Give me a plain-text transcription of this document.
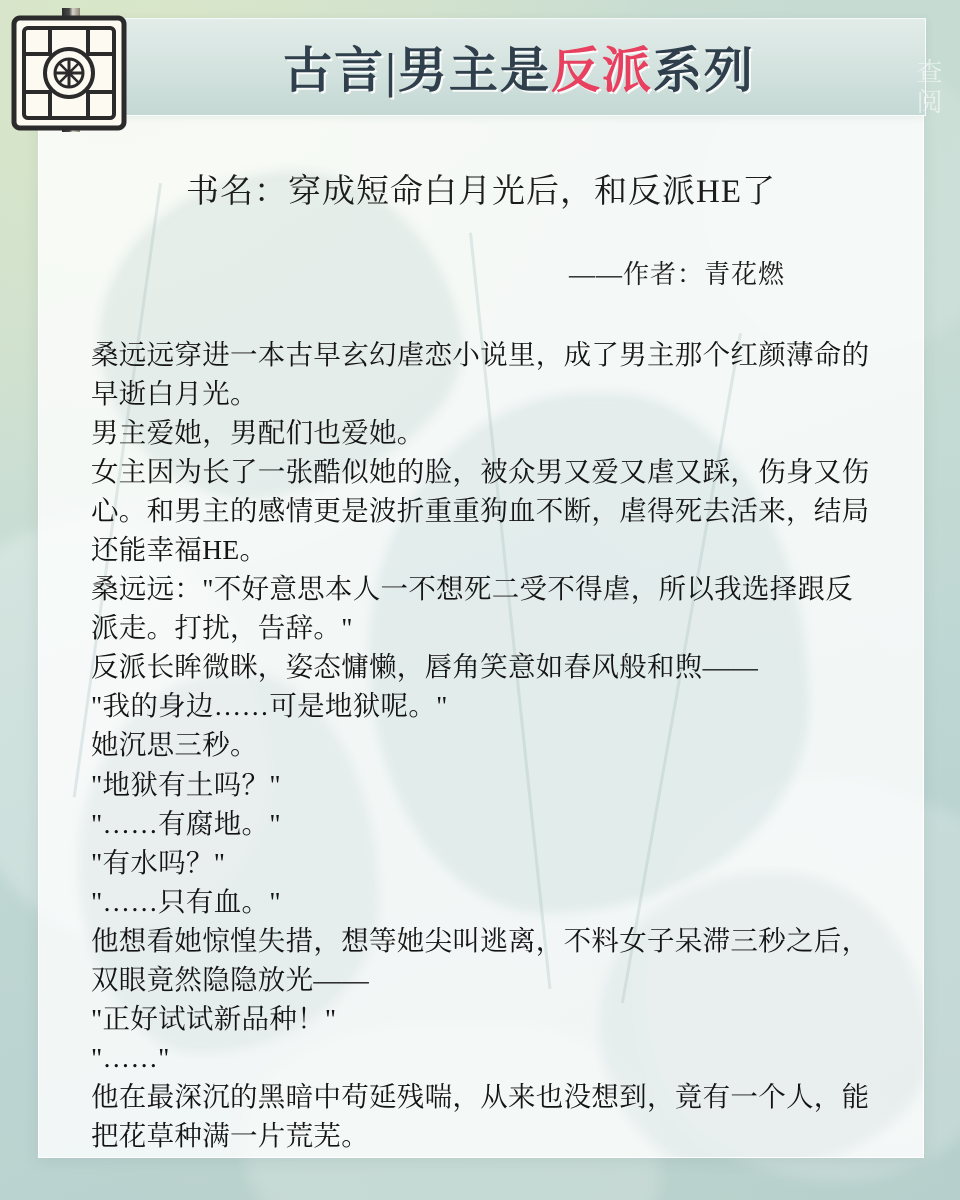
书名：穿成短命白月光后，和反派HE了
——作者：青花燃

桑远远穿进一本古早玄幻虐恋小说里，成了男主那个红颜薄命的早逝白月光。

男主爱她，男配们也爱她。

女主因为长了一张酷似她的脸，被众男又爱又虐又踩，伤身又伤心。和男主的感情更是波折重重狗血不断，虐得死去活来，结局还能幸福HE。

桑远远："不好意思本人一不想死二受不得虐，所以我选择跟反派走。打扰，告辞。"

反派长眸微眯，姿态慵懒，唇角笑意如春风般和煦——

"我的身边……可是地狱呢。"

她沉思三秒。

"地狱有土吗？"

"……有腐地。"

"有水吗？"

"……只有血。"

他想看她惊惶失措，想等她尖叫逃离，不料女子呆滞三秒之后，双眼竟然隐隐放光——

"正好试试新品种！"

"……"

他在最深沉的黑暗中苟延残喘，从来也没想到，竟有一个人，能把花草种满一片荒芜。

古言|男主是反派系列	查阅
